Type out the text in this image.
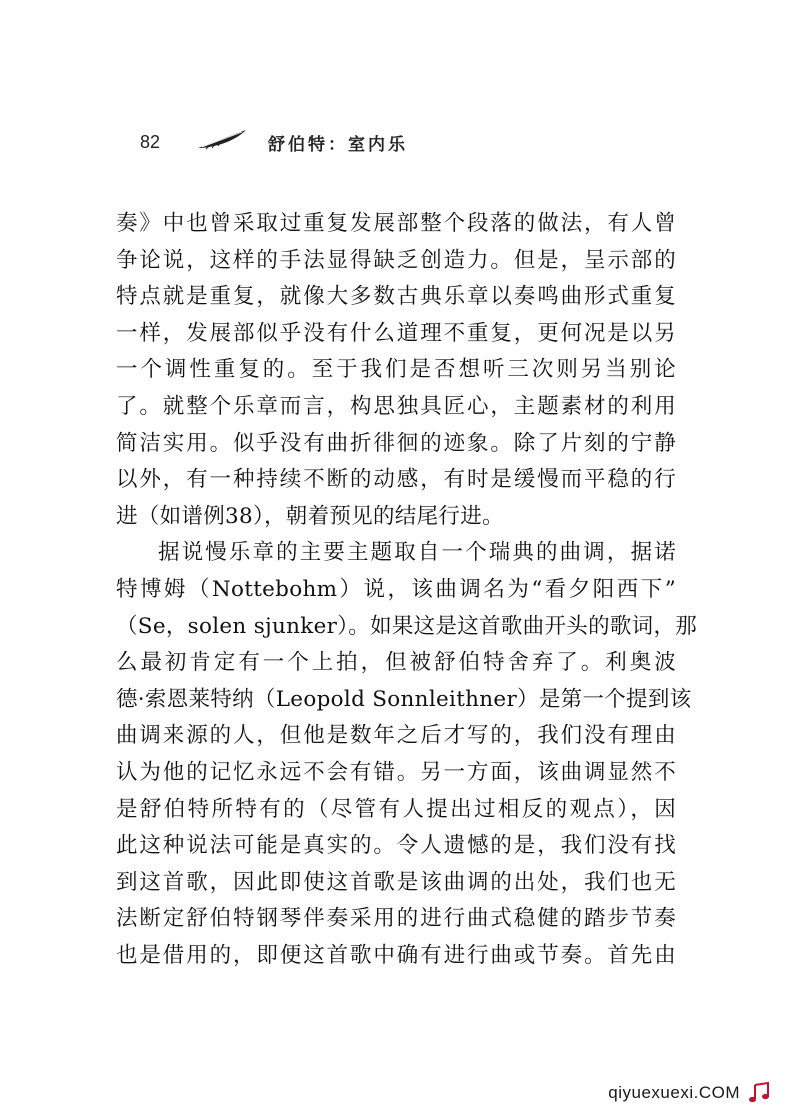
82	舒伯特：室内乐
奏》中也曾采取过重复发展部整个段落的做法，有人曾
争论说，这样的手法显得缺乏创造力。但是，呈示部的
特点就是重复，就像大多数古典乐章以奏鸣曲形式重复
一样，发展部似乎没有什么道理不重复，更何况是以另
一个调性重复的。至于我们是否想听三次则另当别论
了。就整个乐章而言，构思独具匠心，主题素材的利用
简洁实用。似乎没有曲折徘徊的迹象。除了片刻的宁静
以外，有一种持续不断的动感，有时是缓慢而平稳的行
进（如谱例38），朝着预见的结尾行进。
据说慢乐章的主要主题取自一个瑞典的曲调，据诺
特博姆（Nottebohm）说，该曲调名为“看夕阳西下”
（Se，solen sjunker）。如果这是这首歌曲开头的歌词，那
么最初肯定有一个上拍，但被舒伯特舍弃了。利奥波
德·索恩莱特纳（Leopold Sonnleithner）是第一个提到该
曲调来源的人，但他是数年之后才写的，我们没有理由
认为他的记忆永远不会有错。另一方面，该曲调显然不
是舒伯特所特有的（尽管有人提出过相反的观点），因
此这种说法可能是真实的。令人遗憾的是，我们没有找
到这首歌，因此即使这首歌是该曲调的出处，我们也无
法断定舒伯特钢琴伴奏采用的进行曲式稳健的踏步节奏
也是借用的，即便这首歌中确有进行曲或节奏。首先由
qiyuexuexi.COM
